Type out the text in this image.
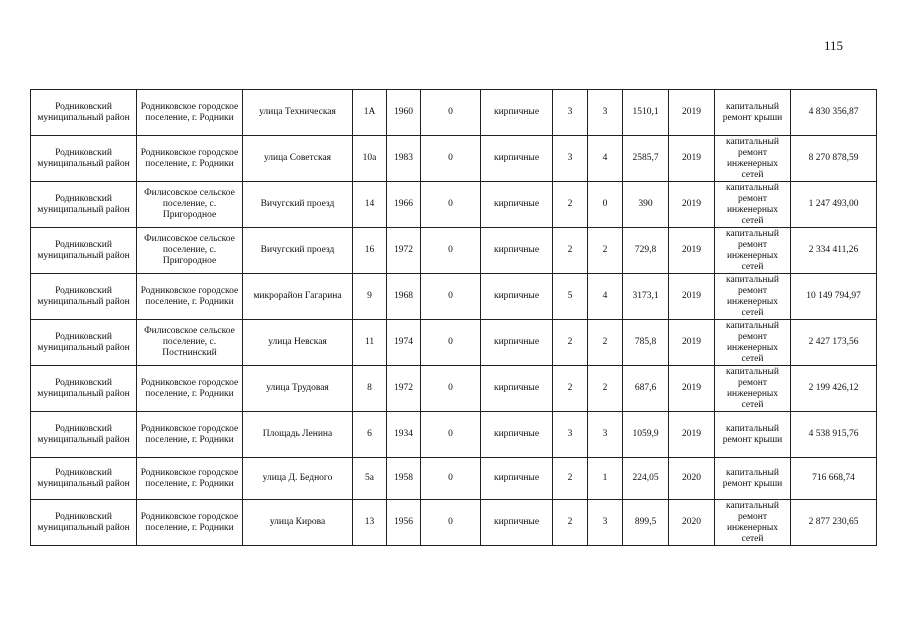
115
Родниковский муниципальный район	Родниковское городское поселение, г. Родники	улица Техническая	1А	1960	0	кирпичные	3	3	1510,1	2019	капитальный ремонт крыши	4 830 356,87
Родниковский муниципальный район	Родниковское городское поселение, г. Родники	улица Советская	10а	1983	0	кирпичные	3	4	2585,7	2019	капитальный ремонт инженерных сетей	8 270 878,59
Родниковский муниципальный район	Филисовское сельское поселение, с. Пригородное	Вичугский проезд	14	1966	0	кирпичные	2	0	390	2019	капитальный ремонт инженерных сетей	1 247 493,00
Родниковский муниципальный район	Филисовское сельское поселение, с. Пригородное	Вичугский проезд	16	1972	0	кирпичные	2	2	729,8	2019	капитальный ремонт инженерных сетей	2 334 411,26
Родниковский муниципальный район	Родниковское городское поселение, г. Родники	микрорайон Гагарина	9	1968	0	кирпичные	5	4	3173,1	2019	капитальный ремонт инженерных сетей	10 149 794,97
Родниковский муниципальный район	Филисовское сельское поселение, с. Постнинский	улица Невская	11	1974	0	кирпичные	2	2	785,8	2019	капитальный ремонт инженерных сетей	2 427 173,56
Родниковский муниципальный район	Родниковское городское поселение, г. Родники	улица Трудовая	8	1972	0	кирпичные	2	2	687,6	2019	капитальный ремонт инженерных сетей	2 199 426,12
Родниковский муниципальный район	Родниковское городское поселение, г. Родники	Площадь Ленина	6	1934	0	кирпичные	3	3	1059,9	2019	капитальный ремонт крыши	4 538 915,76
Родниковский муниципальный район	Родниковское городское поселение, г. Родники	улица Д. Бедного	5а	1958	0	кирпичные	2	1	224,05	2020	капитальный ремонт крыши	716 668,74
Родниковский муниципальный район	Родниковское городское поселение, г. Родники	улица Кирова	13	1956	0	кирпичные	2	3	899,5	2020	капитальный ремонт инженерных сетей	2 877 230,65
